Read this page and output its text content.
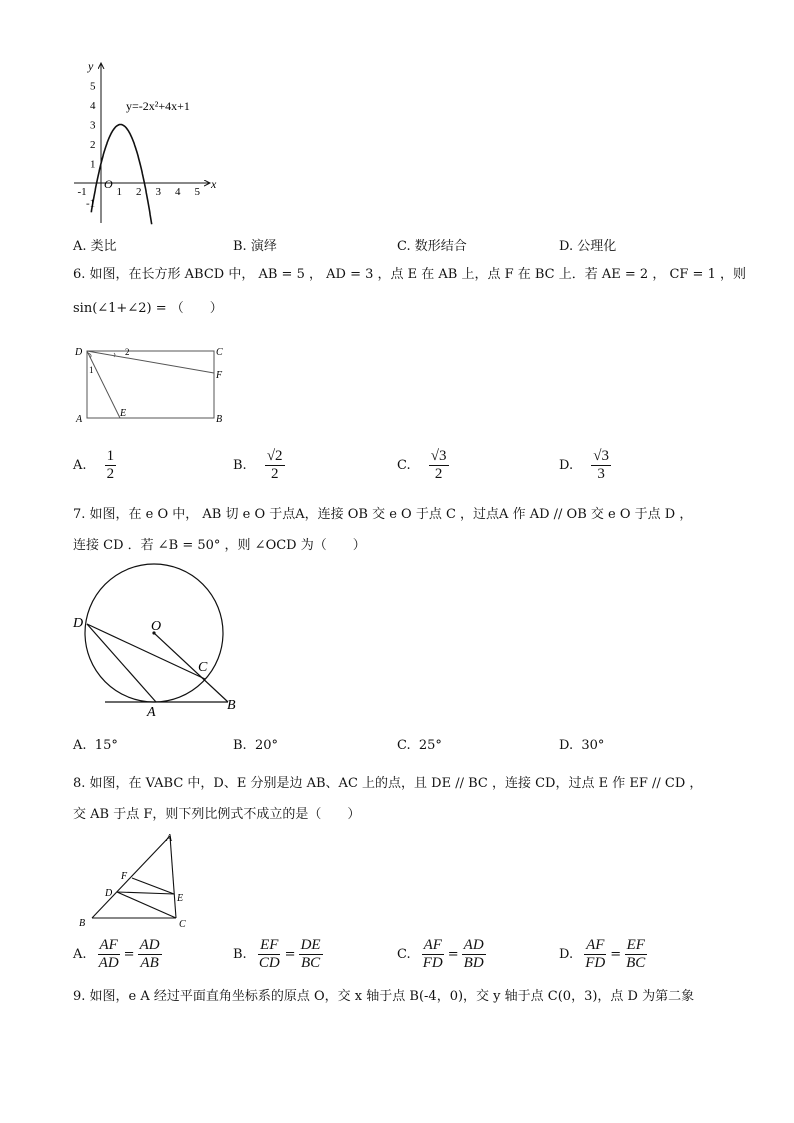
y
x
O
-1	1 2 3 4 5
5
4
3
2
1
-1
y=-2x²+4x+1
A. 类比	B. 演绎	C. 数形结合	D. 公理化
6. 如图，在长方形 ABCD 中， AB = 5 ， AD = 3 ，点 E 在 AB 上，点 F 在 BC 上．若 AE = 2 ， CF = 1 ，则
sin(∠1+∠2) = （　　）
D	C
F
A
E
B
1
2
A. $\frac{1}{2}$	B. $\frac{√2}{2}$	C. $\frac{√3}{2}$	D. $\frac{√3}{3}$
7. 如图，在 e O 中， AB 切 e O 于点A，连接 OB 交 e O 于点 C ，过点A 作 AD // OB 交 e O 于点 D ，
连接 CD ．若 ∠B = 50° ，则 ∠OCD 为（　　）
D	O
C
A	B
A. 15°	B. 20°	C. 25°	D. 30°
8. 如图，在 VABC 中，D、E 分别是边 AB、AC 上的点，且 DE // BC ，连接 CD，过点 E 作 EF // CD ，
交 AB 于点 F，则下列比例式不成立的是（　　）
A
F
D	E
B	C
A. $\frac{AF}{AD} = \frac{AD}{AB}$	B. $\frac{EF}{CD} = \frac{DE}{BC}$	C. $\frac{AF}{FD} = \frac{AD}{BD}$	D. $\frac{AF}{FD} = \frac{EF}{BC}$
9. 如图，e A 经过平面直角坐标系的原点 O，交 x 轴于点 B(-4，0)，交 y 轴于点 C(0，3)，点 D 为第二象
